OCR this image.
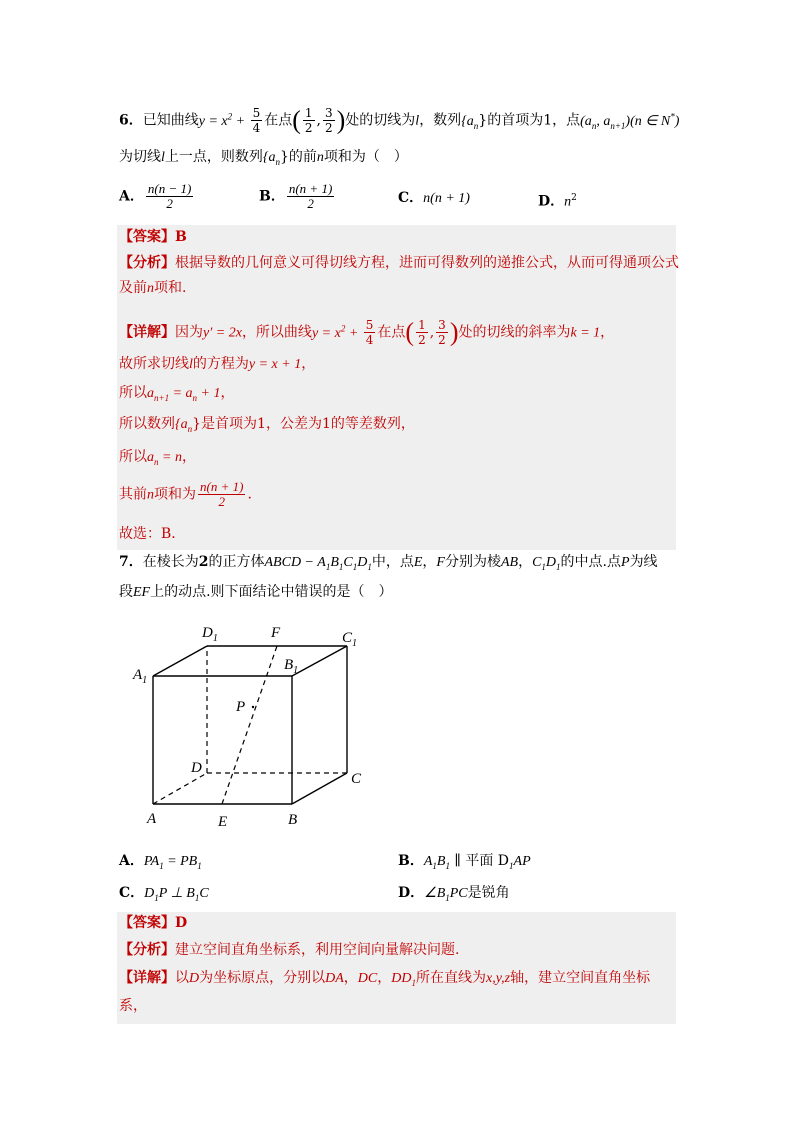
6．已知曲线$y = x^2 + \frac{5}{4}$ 在点( $\frac{1}{2}$ , $\frac{3}{2}$ )处的切线为l，数列$\{a_n\}$的首项为1，点($a_n$, $a_{n+1})(n$ ∈ N*)
为切线l上一点，则数列$\{a_n\}$的前n项和为（　）
A． $\frac{n(n - 1)}{2}$	B． $\frac{n(n + 1)}{2}$	C．n(n + 1)	D．$n^2$
【答案】B
【分析】根据导数的几何意义可得切线方程，进而可得数列的递推公式，从而可得通项公式
及前n项和.
【详解】因为y′ = 2x，所以曲线$y = x^2 + \frac{5}{4}$ 在点( $\frac{1}{2}$ , $\frac{3}{2}$ )处的切线的斜率为k = 1，
故所求切线l的方程为y = x + 1，
所以$a_{n+1} = a_n + 1$，
所以数列$\{a_n\}$是首项为1，公差为1的等差数列，
所以$a_n = n$，
其前n项和为 $\frac{n(n + 1)}{2}$ .
故选：B．
7．在棱长为2的正方体ABCD − $A_1B_1C_1D_1$中，点E，F分别为棱AB，$C_1D_1$的中点.点P为线
段EF上的动点.则下面结论中错误的是（　）
$D_1$	F	$C_1$
$A_1$
$B_1$
P
D
C
A	E	B
A．$PA_1 = PB_1$	B．$A_1B_1$ ∥ 平面 $D_1AP$
C．$D_1P$ ⊥ $B_1C$	D．$\angle B_1PC$是锐角
【答案】D
【分析】建立空间直角坐标系，利用空间向量解决问题.
【详解】以D为坐标原点，分别以DA，DC，$DD_1$所在直线为x,y,z轴，建立空间直角坐标
系，
